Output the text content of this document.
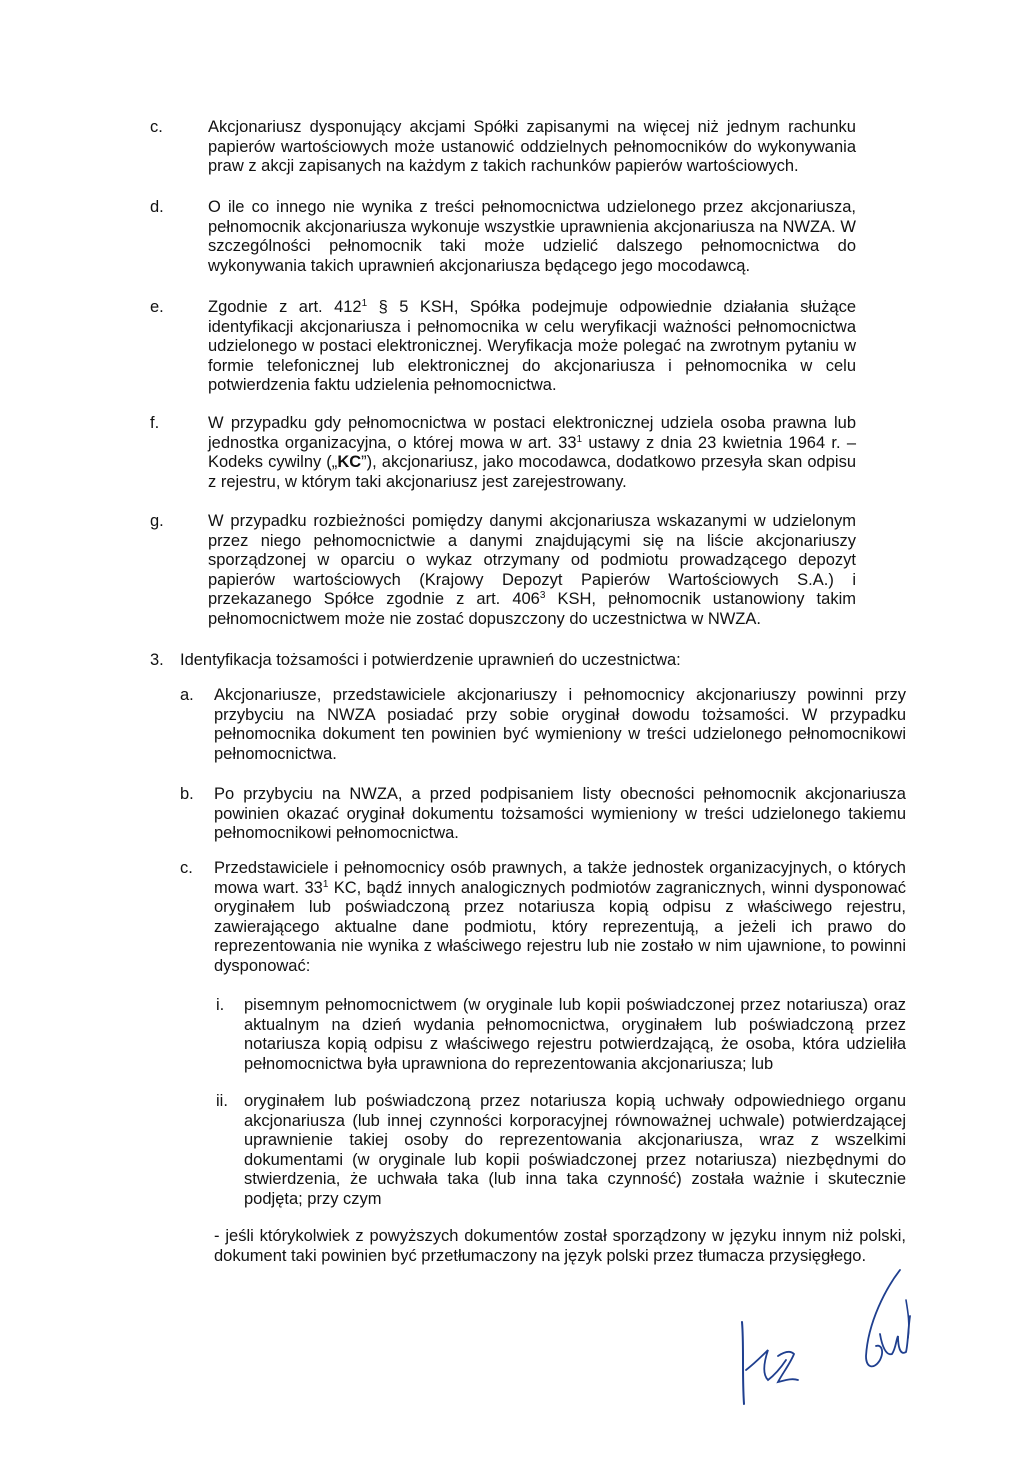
c.	Akcjonariusz dysponujący akcjami Spółki zapisanymi na więcej niż jednym rachunku papierów wartościowych może ustanowić oddzielnych pełnomocników do wykonywania praw z akcji zapisanych na każdym z takich rachunków papierów wartościowych.
d.	O ile co innego nie wynika z treści pełnomocnictwa udzielonego przez akcjonariusza, pełnomocnik akcjonariusza wykonuje wszystkie uprawnienia akcjonariusza na NWZA. W szczególności pełnomocnik taki może udzielić dalszego pełnomocnictwa do wykonywania takich uprawnień akcjonariusza będącego jego mocodawcą.
e.	Zgodnie z art. $412^1$ § 5 KSH, Spółka podejmuje odpowiednie działania służące identyfikacji akcjonariusza i pełnomocnika w celu weryfikacji ważności pełnomocnictwa udzielonego w postaci elektronicznej. Weryfikacja może polegać na zwrotnym pytaniu w formie telefonicznej lub elektronicznej do akcjonariusza i pełnomocnika w celu potwierdzenia faktu udzielenia pełnomocnictwa.
f.	W przypadku gdy pełnomocnictwa w postaci elektronicznej udziela osoba prawna lub jednostka organizacyjna, o której mowa w art. $33^1$ ustawy z dnia 23 kwietnia 1964 r. – Kodeks cywilny („KC”), akcjonariusz, jako mocodawca, dodatkowo przesyła skan odpisu z rejestru, w którym taki akcjonariusz jest zarejestrowany.
g.	W przypadku rozbieżności pomiędzy danymi akcjonariusza wskazanymi w udzielonym przez niego pełnomocnictwie a danymi znajdującymi się na liście akcjonariuszy sporządzonej w oparciu o wykaz otrzymany od podmiotu prowadzącego depozyt papierów wartościowych (Krajowy Depozyt Papierów Wartościowych S.A.) i przekazanego Spółce zgodnie z art. $406^3$ KSH, pełnomocnik ustanowiony takim pełnomocnictwem może nie zostać dopuszczony do uczestnictwa w NWZA.
3. Identyfikacja tożsamości i potwierdzenie uprawnień do uczestnictwa:
a. Akcjonariusze, przedstawiciele akcjonariuszy i pełnomocnicy akcjonariuszy powinni przy przybyciu na NWZA posiadać przy sobie oryginał dowodu tożsamości. W przypadku pełnomocnika dokument ten powinien być wymieniony w treści udzielonego pełnomocnikowi pełnomocnictwa.
b. Po przybyciu na NWZA, a przed podpisaniem listy obecności pełnomocnik akcjonariusza powinien okazać oryginał dokumentu tożsamości wymieniony w treści udzielonego takiemu pełnomocnikowi pełnomocnictwa.
c. Przedstawiciele i pełnomocnicy osób prawnych, a także jednostek organizacyjnych, o których mowa wart. $33^1$ KC, bądź innych analogicznych podmiotów zagranicznych, winni dysponować oryginałem lub poświadczoną przez notariusza kopią odpisu z właściwego rejestru, zawierającego aktualne dane podmiotu, który reprezentują, a jeżeli ich prawo do reprezentowania nie wynika z właściwego rejestru lub nie zostało w nim ujawnione, to powinni dysponować:
i. pisemnym pełnomocnictwem (w oryginale lub kopii poświadczonej przez notariusza) oraz aktualnym na dzień wydania pełnomocnictwa, oryginałem lub poświadczoną przez notariusza kopią odpisu z właściwego rejestru potwierdzającą, że osoba, która udzieliła pełnomocnictwa była uprawniona do reprezentowania akcjonariusza; lub
ii. oryginałem lub poświadczoną przez notariusza kopią uchwały odpowiedniego organu akcjonariusza (lub innej czynności korporacyjnej równoważnej uchwale) potwierdzającej uprawnienie takiej osoby do reprezentowania akcjonariusza, wraz z wszelkimi dokumentami (w oryginale lub kopii poświadczonej przez notariusza) niezbędnymi do stwierdzenia, że uchwała taka (lub inna taka czynność) została ważnie i skutecznie podjęta; przy czym
- jeśli którykolwiek z powyższych dokumentów został sporządzony w języku innym niż polski, dokument taki powinien być przetłumaczony na język polski przez tłumacza przysięgłego.
